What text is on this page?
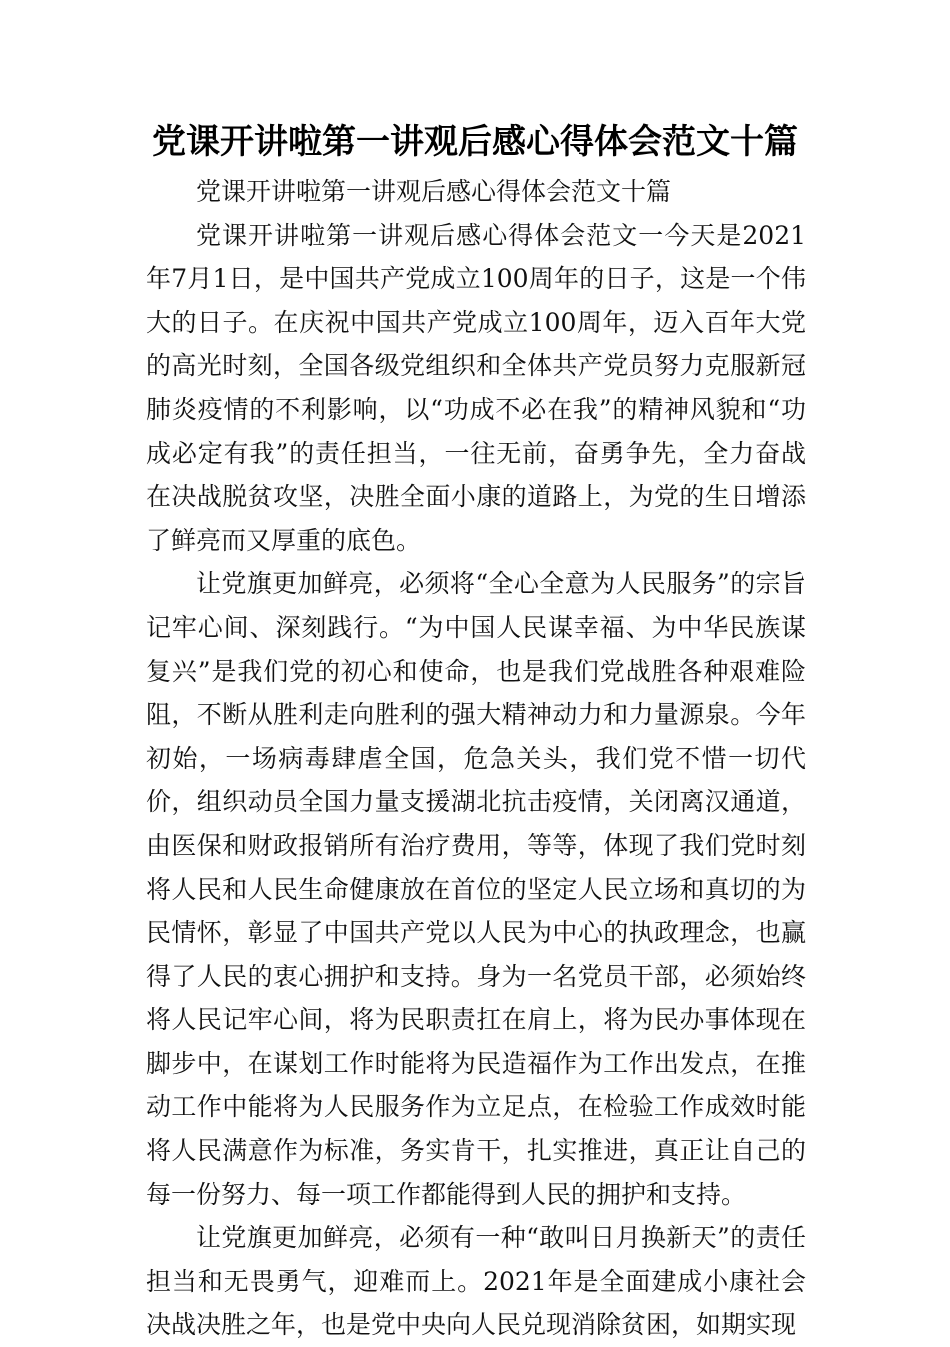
党课开讲啦第一讲观后感心得体会范文十篇

党课开讲啦第一讲观后感心得体会范文十篇

党课开讲啦第一讲观后感心得体会范文一今天是2021年7月1日，是中国共产党成立100周年的日子，这是一个伟大的日子。在庆祝中国共产党成立100周年，迈入百年大党的高光时刻，全国各级党组织和全体共产党员努力克服新冠肺炎疫情的不利影响，以“功成不必在我”的精神风貌和“功成必定有我”的责任担当，一往无前，奋勇争先，全力奋战在决战脱贫攻坚，决胜全面小康的道路上，为党的生日增添了鲜亮而又厚重的底色。

让党旗更加鲜亮，必须将“全心全意为人民服务”的宗旨记牢心间、深刻践行。“为中国人民谋幸福、为中华民族谋复兴”是我们党的初心和使命，也是我们党战胜各种艰难险阻，不断从胜利走向胜利的强大精神动力和力量源泉。今年初始，一场病毒肆虐全国，危急关头，我们党不惜一切代价，组织动员全国力量支援湖北抗击疫情，关闭离汉通道，由医保和财政报销所有治疗费用，等等，体现了我们党时刻将人民和人民生命健康放在首位的坚定人民立场和真切的为民情怀，彰显了中国共产党以人民为中心的执政理念，也赢得了人民的衷心拥护和支持。身为一名党员干部，必须始终将人民记牢心间，将为民职责扛在肩上，将为民办事体现在脚步中，在谋划工作时能将为民造福作为工作出发点，在推动工作中能将为人民服务作为立足点，在检验工作成效时能将人民满意作为标准，务实肯干，扎实推进，真正让自己的每一份努力、每一项工作都能得到人民的拥护和支持。

让党旗更加鲜亮，必须有一种“敢叫日月换新天”的责任担当和无畏勇气，迎难而上。2021年是全面建成小康社会决战决胜之年，也是党中央向人民兑现消除贫困，如期实现
